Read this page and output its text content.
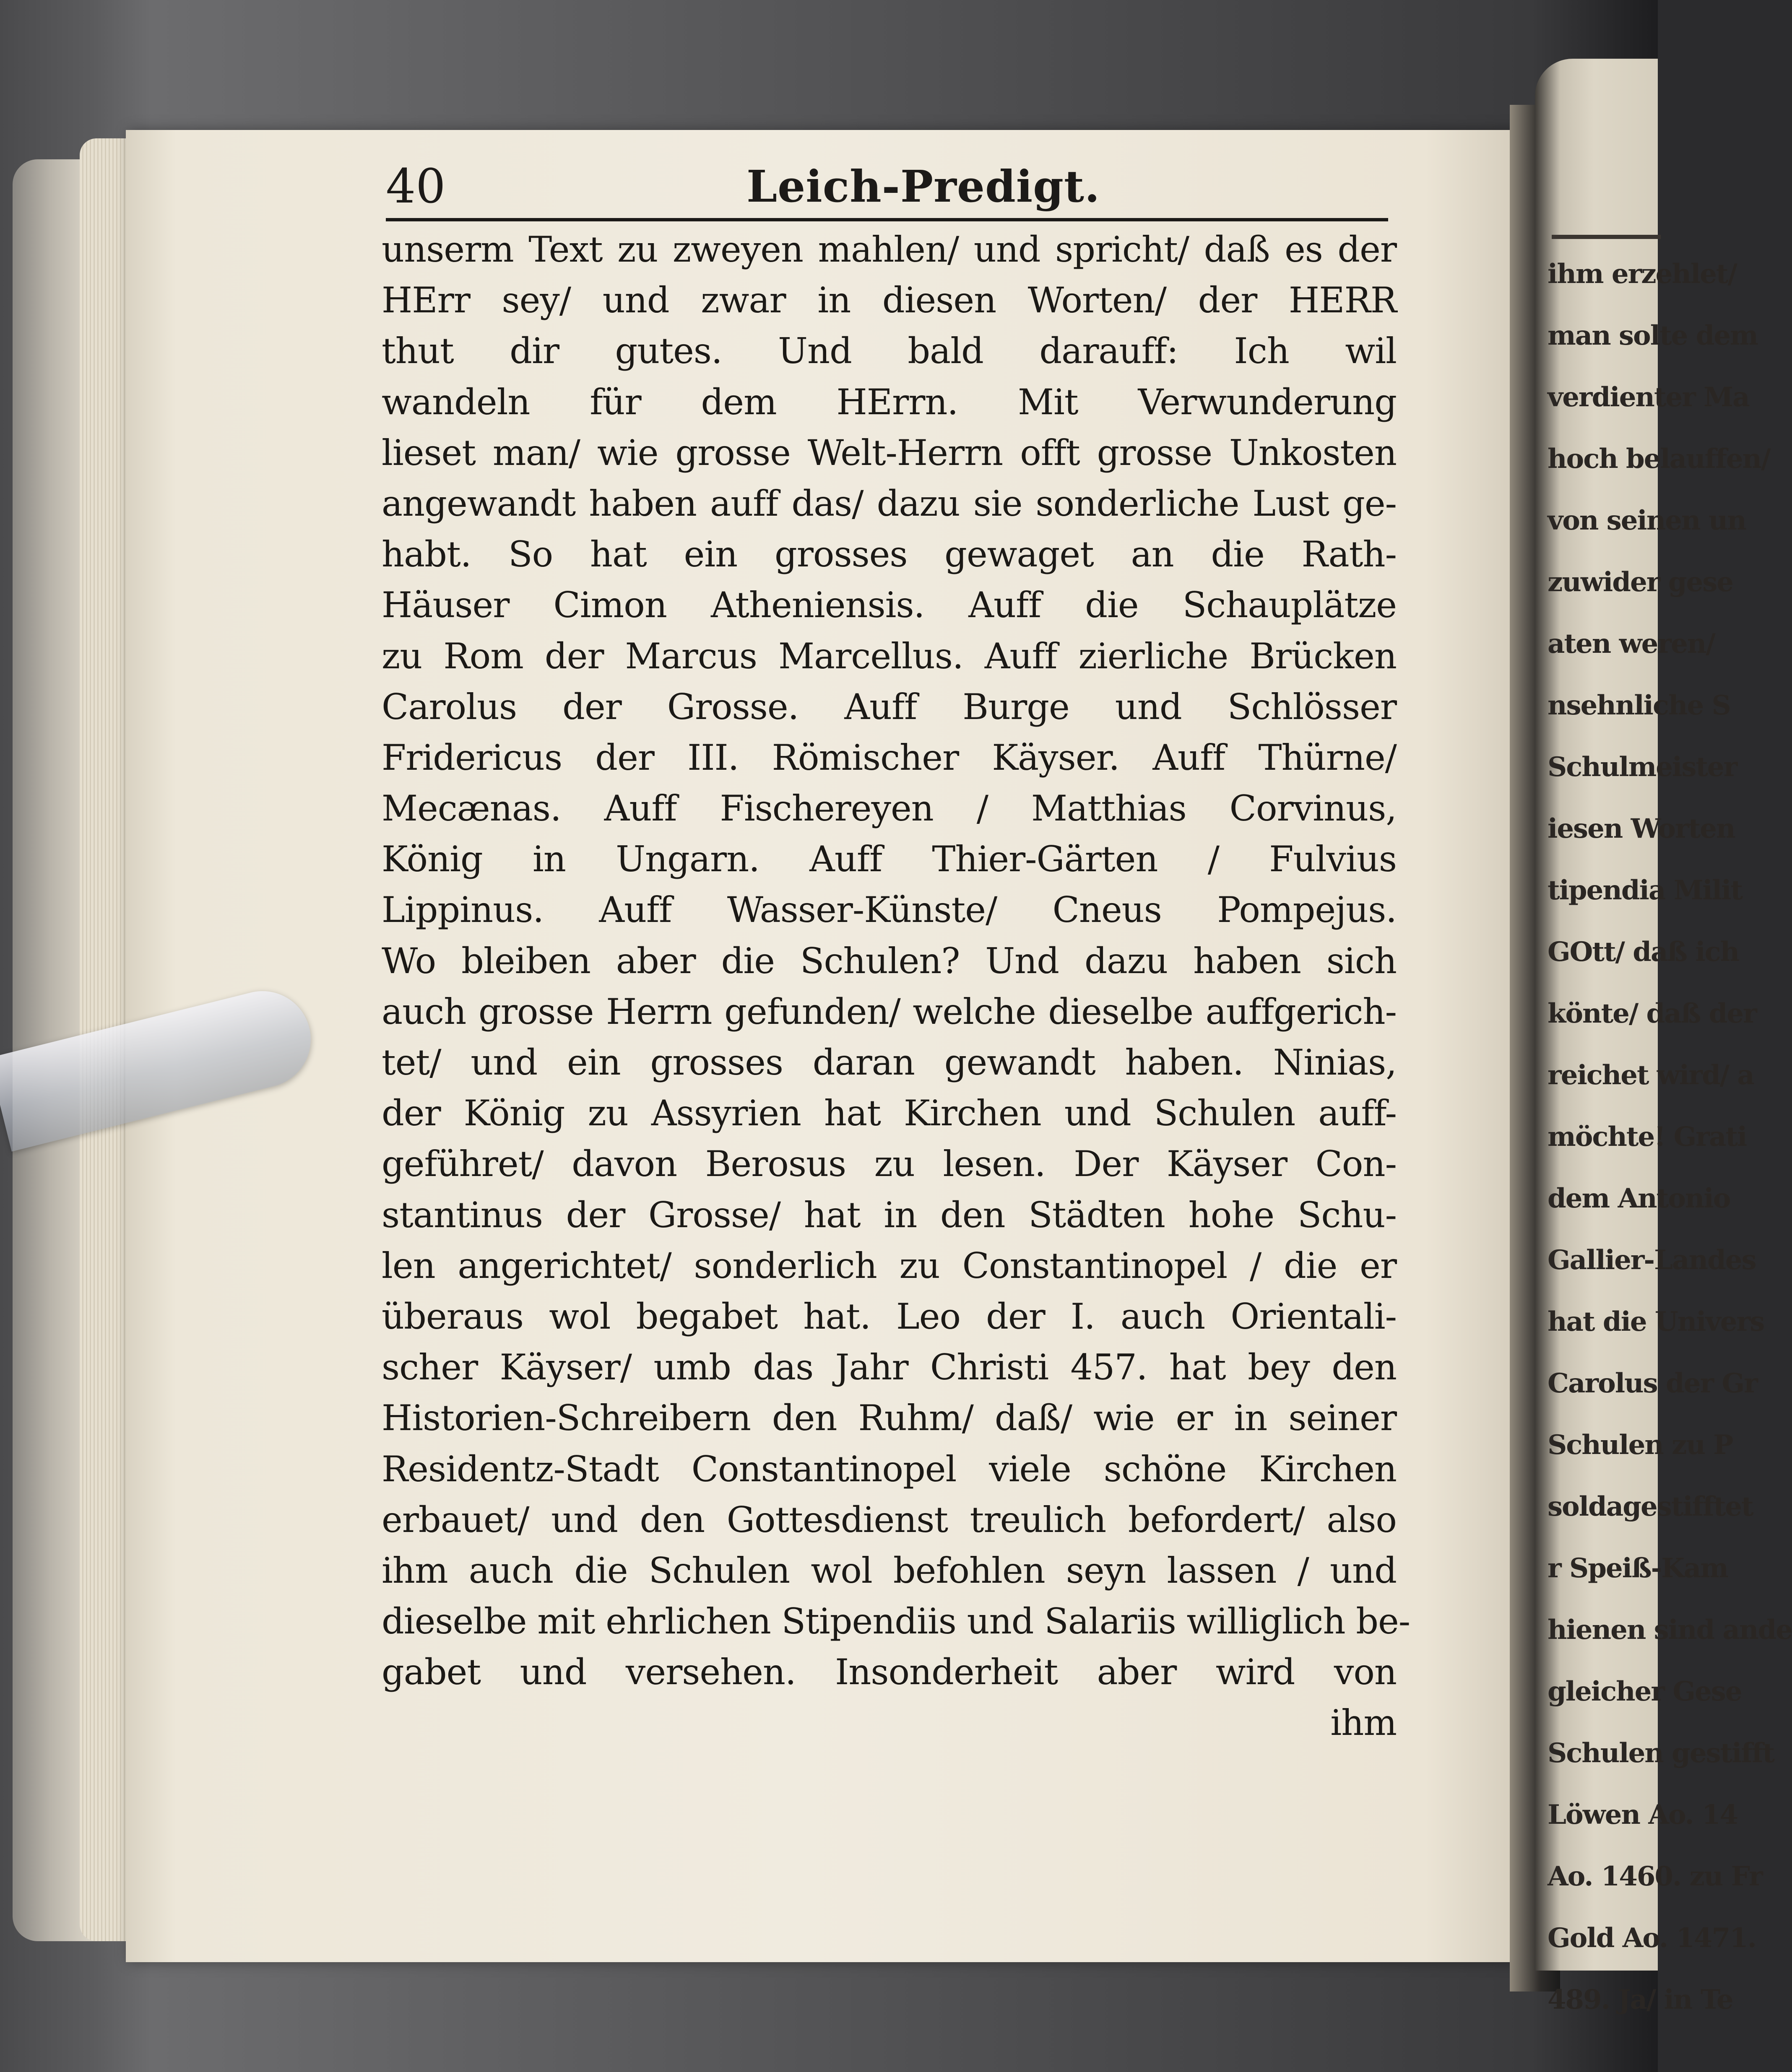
ihm erzehlet/
man solte dem
verdienter Ma
hoch belauffen/
von seinen un
zuwider gese
aten weren/
nsehnliche S
Schulmeister
iesen Worten
tipendia Milit
GOtt/ daß ich
könte/ daß der
reichet wird/ a
möchte! Grati
dem Antonio
Gallier-Landes
hat die Univers
Carolus der Gr
Schulen zu P
soldagestifftet
r Speiß-Kam
hienen sind ande
gleicher Gese
Schulen gestifft
Löwen Ao. 14
Ao. 1460. zu Fr
Gold Ao. 1471.
489. Ja/ in Te
40	Leich-Predigt.
unserm Text zu zweyen mahlen/ und spricht/ daß es der
HErr sey/ und zwar in diesen Worten/ der HERR
thut dir gutes. Und bald darauff: Ich wil
wandeln für dem HErrn. Mit Verwunderung
lieset man/ wie grosse Welt-Herrn offt grosse Unkosten
angewandt haben auff das/ dazu sie sonderliche Lust ge-
habt. So hat ein grosses gewaget an die Rath-
Häuser Cimon Atheniensis. Auff die Schauplätze
zu Rom der Marcus Marcellus. Auff zierliche Brücken
Carolus der Grosse. Auff Burge und Schlösser
Fridericus der III. Römischer Käyser. Auff Thürne/
Mecænas. Auff Fischereyen / Matthias Corvinus,
König in Ungarn. Auff Thier-Gärten / Fulvius
Lippinus. Auff Wasser-Künste/ Cneus Pompejus.
Wo bleiben aber die Schulen? Und dazu haben sich
auch grosse Herrn gefunden/ welche dieselbe auffgerich-
tet/ und ein grosses daran gewandt haben. Ninias,
der König zu Assyrien hat Kirchen und Schulen auff-
geführet/ davon Berosus zu lesen. Der Käyser Con-
stantinus der Grosse/ hat in den Städten hohe Schu-
len angerichtet/ sonderlich zu Constantinopel / die er
überaus wol begabet hat. Leo der I. auch Orientali-
scher Käyser/ umb das Jahr Christi 457. hat bey den
Historien-Schreibern den Ruhm/ daß/ wie er in seiner
Residentz-Stadt Constantinopel viele schöne Kirchen
erbauet/ und den Gottesdienst treulich befordert/ also
ihm auch die Schulen wol befohlen seyn lassen / und
dieselbe mit ehrlichen Stipendiis und Salariis williglich be-
gabet und versehen. Insonderheit aber wird von
ihm
